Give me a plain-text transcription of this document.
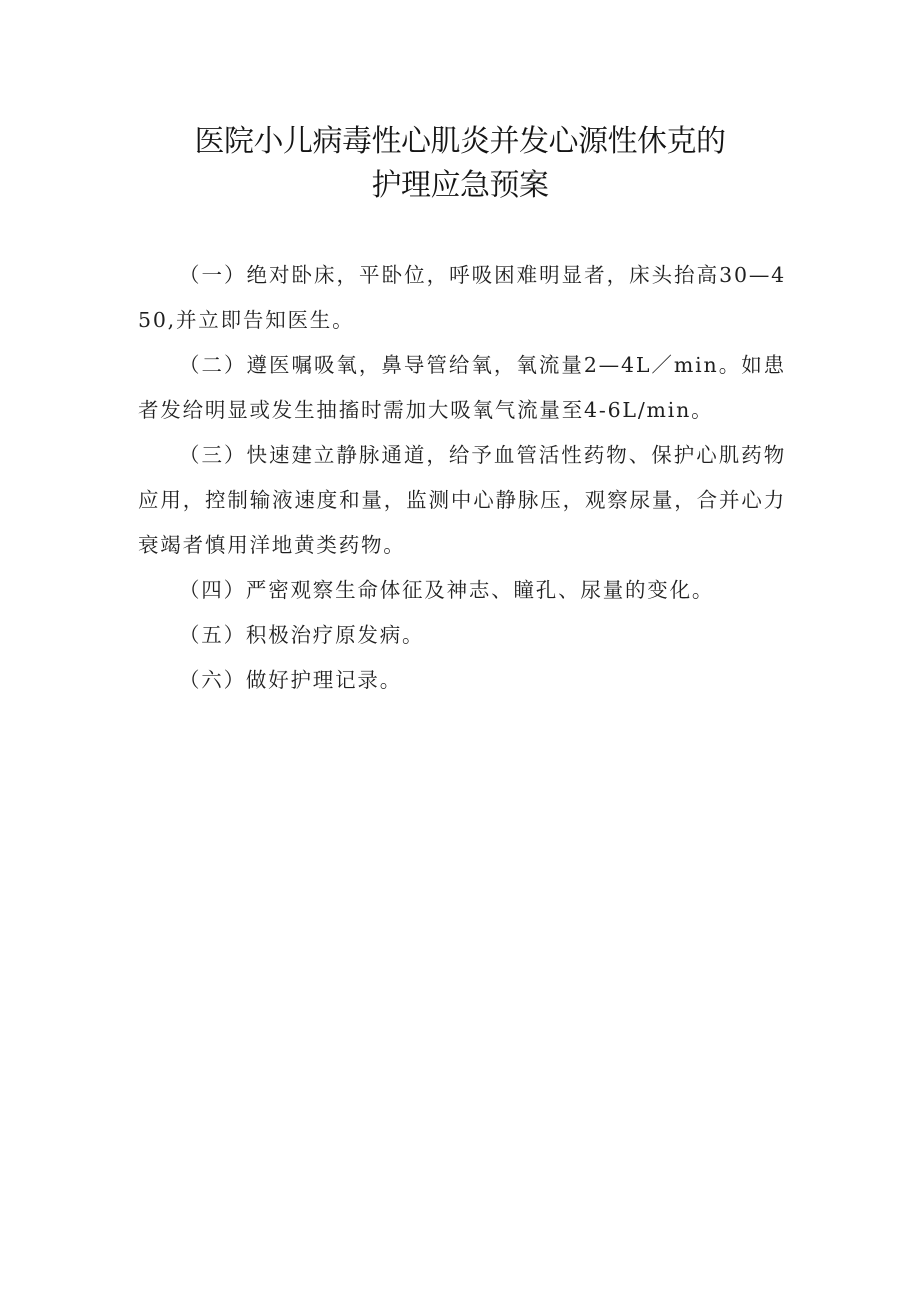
医院小儿病毒性心肌炎并发心源性休克的
护理应急预案

（一）绝对卧床，平卧位，呼吸困难明显者，床头抬高30—450,并立即告知医生。

（二）遵医嘱吸氧，鼻导管给氧，氧流量2—4L／min。如患者发给明显或发生抽搐时需加大吸氧气流量至4-6L/min。

（三）快速建立静脉通道，给予血管活性药物、保护心肌药物应用，控制输液速度和量，监测中心静脉压，观察尿量，合并心力衰竭者慎用洋地黄类药物。

（四）严密观察生命体征及神志、瞳孔、尿量的变化。

（五）积极治疗原发病。

（六）做好护理记录。
